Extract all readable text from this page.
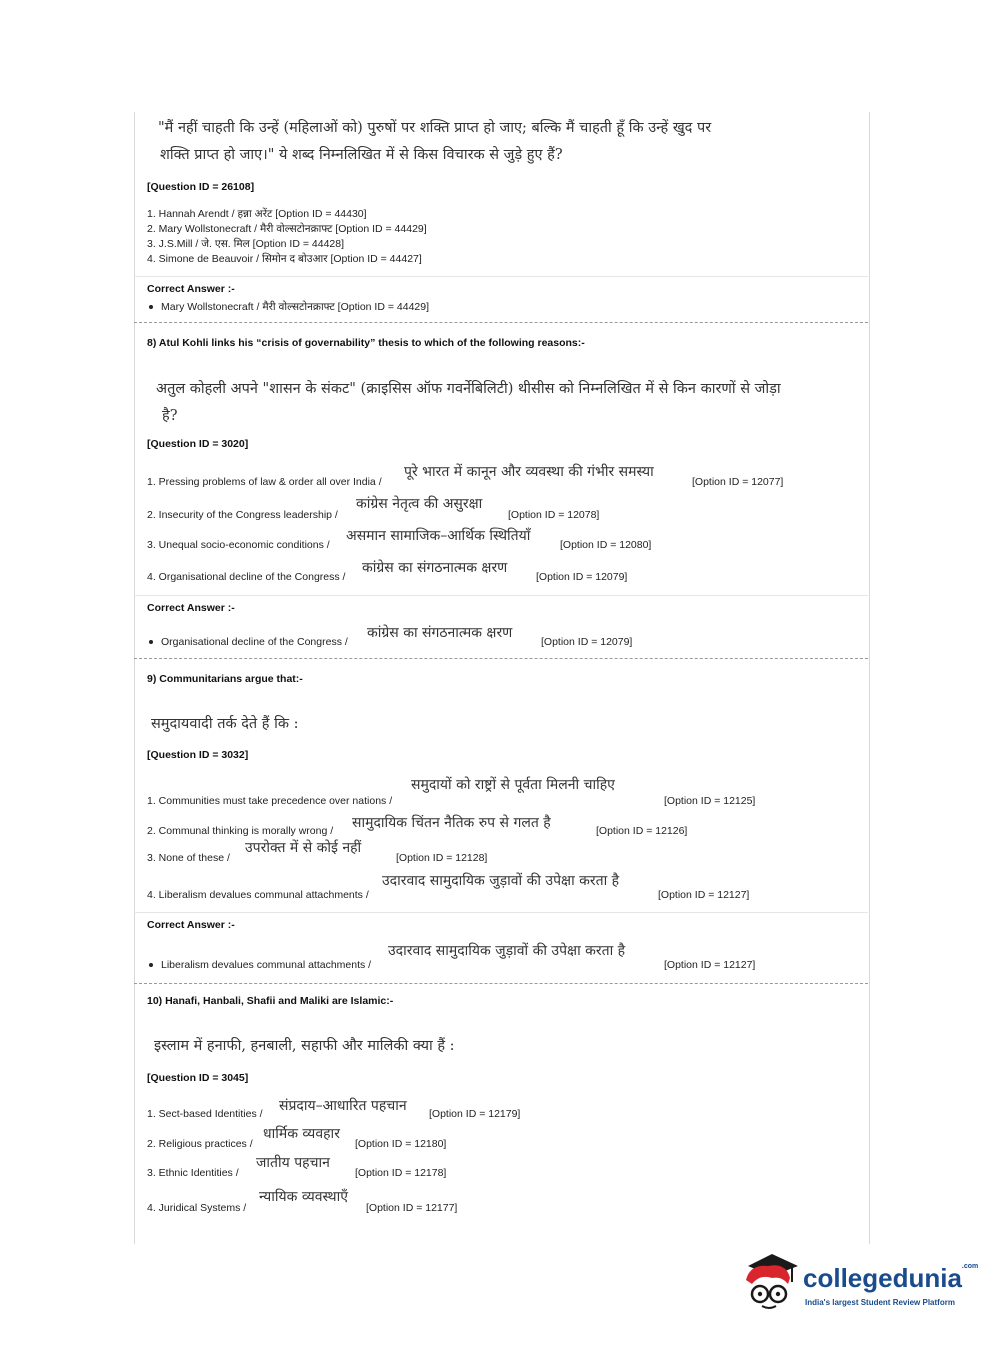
"मैं नहीं चाहती कि उन्हें (महिलाओं को) पुरुषों पर शक्ति प्राप्त हो जाए; बल्कि मैं चाहती हूँ कि उन्हें खुद पर
शक्ति प्राप्त हो जाए।" ये शब्द निम्नलिखित में से किस विचारक से जुड़े हुए हैं?
[Question ID = 26108]
1. Hannah Arendt / हन्ना अरेंट [Option ID = 44430]
2. Mary Wollstonecraft / मैरी वोल्सटोनक्राफ्ट [Option ID = 44429]
3. J.S.Mill / जे. एस. मिल [Option ID = 44428]
4. Simone de Beauvoir / सिमोन द बोउआर [Option ID = 44427]
Correct Answer :-
Mary Wollstonecraft / मैरी वोल्सटोनक्राफ्ट [Option ID = 44429]
8) Atul Kohli links his “crisis of governability” thesis to which of the following reasons:-
अतुल कोहली अपने "शासन के संकट" (क्राइसिस ऑफ गवर्नेबिलिटी) थीसीस को निम्नलिखित में से किन कारणों से जोड़ा
है?
[Question ID = 3020]
1. Pressing problems of law & order all over India /
पूरे भारत में कानून और व्यवस्था की गंभीर समस्या
[Option ID = 12077]
2. Insecurity of the Congress leadership /
कांग्रेस नेतृत्व की असुरक्षा
[Option ID = 12078]
3. Unequal socio-economic conditions /
असमान सामाजिक–आर्थिक स्थितियाँ
[Option ID = 12080]
4. Organisational decline of the Congress /
कांग्रेस का संगठनात्मक क्षरण
[Option ID = 12079]
Correct Answer :-
Organisational decline of the Congress /
कांग्रेस का संगठनात्मक क्षरण
[Option ID = 12079]
9) Communitarians argue that:-
समुदायवादी तर्क देते हैं कि :
[Question ID = 3032]
1. Communities must take precedence over nations /
समुदायों को राष्ट्रों से पूर्वता मिलनी चाहिए
[Option ID = 12125]
2. Communal thinking is morally wrong / सामुदायिक चिंतन नैतिक रुप से गलत है	[Option ID = 12126]
3. None of these /
उपरोक्त में से कोई नहीं
[Option ID = 12128]
4. Liberalism devalues communal attachments /
उदारवाद सामुदायिक जुड़ावों की उपेक्षा करता है
[Option ID = 12127]
Correct Answer :-
Liberalism devalues communal attachments /
उदारवाद सामुदायिक जुड़ावों की उपेक्षा करता है
[Option ID = 12127]
10) Hanafi, Hanbali, Shafii and Maliki are Islamic:-
इस्लाम में हनाफी, हनबाली, सहाफी और मालिकी क्या हैं :
[Question ID = 3045]
1. Sect-based Identities / संप्रदाय–आधारित पहचान [Option ID = 12179]
2. Religious practices /
धार्मिक व्यवहार
[Option ID = 12180]
3. Ethnic Identities /
जातीय पहचान
[Option ID = 12178]
4. Juridical Systems /
न्यायिक व्यवस्थाएँ
[Option ID = 12177]
collegedunia$^{.com}$
India's largest Student Review Platform
